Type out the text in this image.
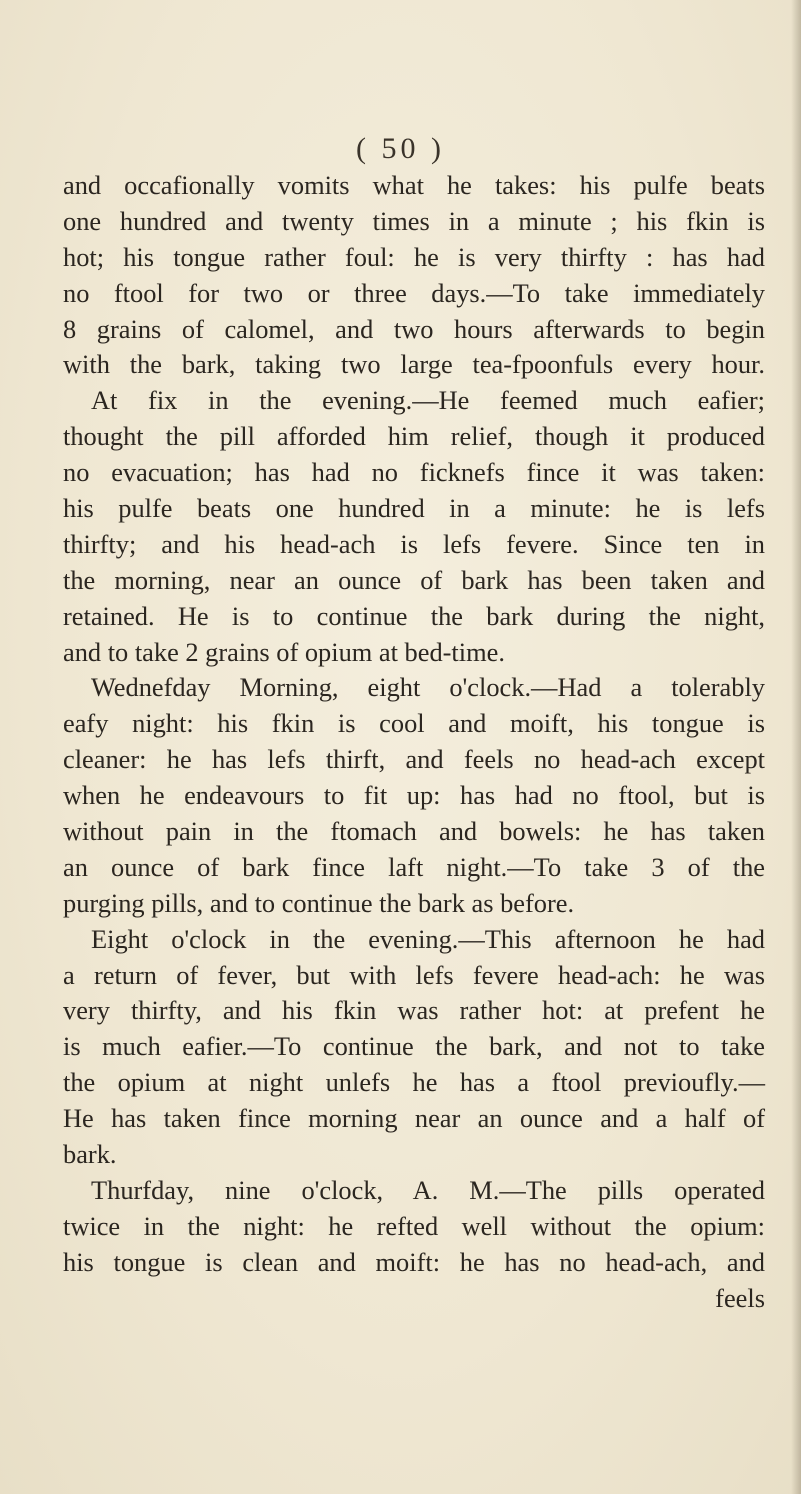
( 50 )
and occafionally vomits what he takes: his pulfe beats
one hundred and twenty times in a minute ; his fkin is
hot; his tongue rather foul: he is very thirfty : has had
no ftool for two or three days.—To take immediately
8 grains of calomel, and two hours afterwards to begin
with the bark, taking two large tea-fpoonfuls every hour.
At fix in the evening.—He feemed much eafier;
thought the pill afforded him relief, though it produced
no evacuation; has had no ficknefs fince it was taken:
his pulfe beats one hundred in a minute: he is lefs
thirfty; and his head-ach is lefs fevere. Since ten in
the morning, near an ounce of bark has been taken and
retained. He is to continue the bark during the night,
and to take 2 grains of opium at bed-time.
Wednefday Morning, eight o'clock.—Had a tolerably
eafy night: his fkin is cool and moift, his tongue is
cleaner: he has lefs thirft, and feels no head-ach except
when he endeavours to fit up: has had no ftool, but is
without pain in the ftomach and bowels: he has taken
an ounce of bark fince laft night.—To take 3 of the
purging pills, and to continue the bark as before.
Eight o'clock in the evening.—This afternoon he had
a return of fever, but with lefs fevere head-ach: he was
very thirfty, and his fkin was rather hot: at prefent he
is much eafier.—To continue the bark, and not to take
the opium at night unlefs he has a ftool previoufly.—
He has taken fince morning near an ounce and a half of
bark.
Thurfday, nine o'clock, A. M.—The pills operated
twice in the night: he refted well without the opium:
his tongue is clean and moift: he has no head-ach, and
feels
